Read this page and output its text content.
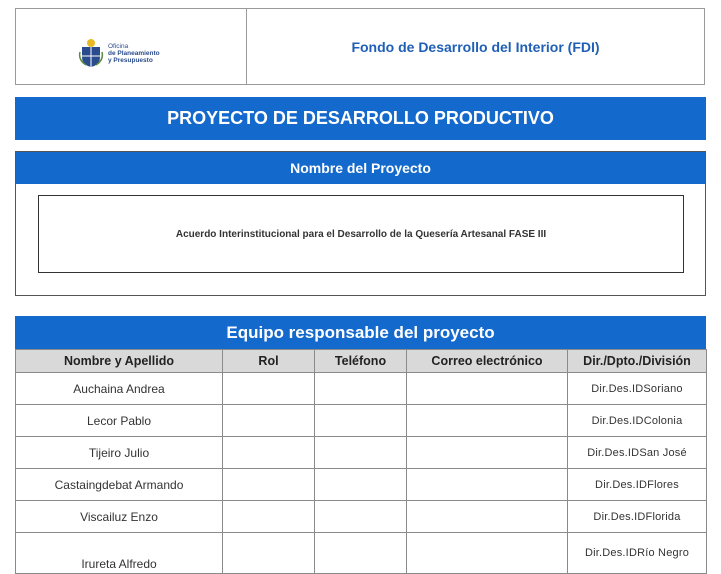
Oficina
de Planeamiento
y Presupuesto
Fondo de Desarrollo del Interior (FDI)
PROYECTO DE DESARROLLO PRODUCTIVO
Nombre del Proyecto
Acuerdo Interinstitucional para el Desarrollo de la Quesería Artesanal FASE III
Equipo responsable del proyecto
Nombre y Apellido	Rol	Teléfono	Correo electrónico	Dir./Dpto./División
Auchaina Andrea				Dir.Des.IDSoriano
Lecor Pablo				Dir.Des.IDColonia
Tijeiro Julio				Dir.Des.IDSan José
Castaingdebat Armando				Dir.Des.IDFlores
Viscailuz Enzo				Dir.Des.IDFlorida

Irureta Alfredo				Dir.Des.IDRío Negro
